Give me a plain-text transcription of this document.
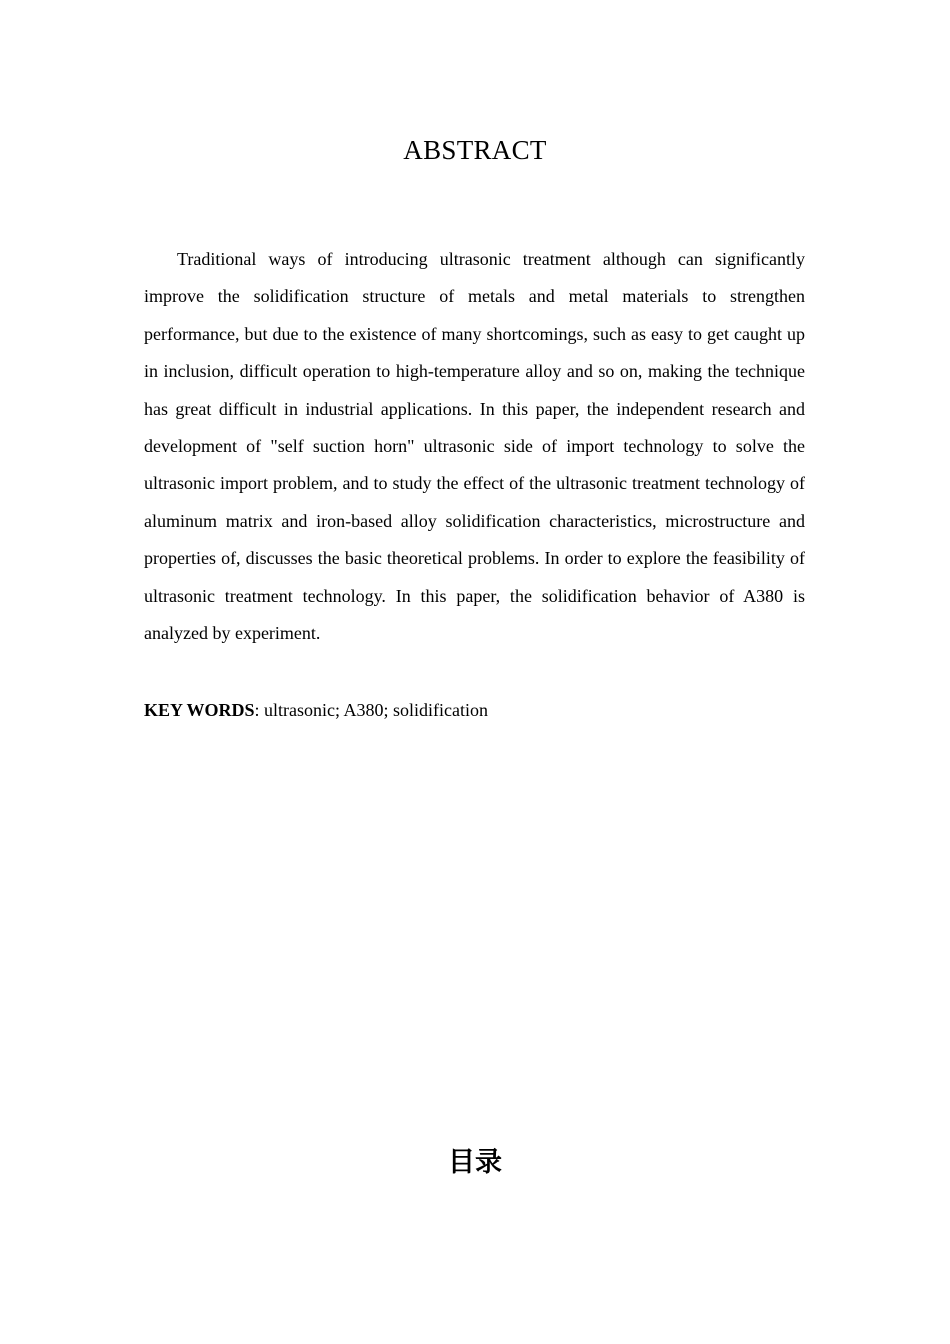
ABSTRACT

Traditional ways of introducing ultrasonic treatment although can significantly improve the solidification structure of metals and metal materials to strengthen performance, but due to the existence of many shortcomings, such as easy to get caught up in inclusion, difficult operation to high-temperature alloy and so on, making the technique has great difficult in industrial applications. In this paper, the independent research and development of "self suction horn" ultrasonic side of import technology to solve the ultrasonic import problem, and to study the effect of the ultrasonic treatment technology of aluminum matrix and iron-based alloy solidification characteristics, microstructure and properties of, discusses the basic theoretical problems. In order to explore the feasibility of ultrasonic treatment technology. In this paper, the solidification behavior of A380 is analyzed by experiment.

KEY WORDS: ultrasonic; A380; solidification

目录
